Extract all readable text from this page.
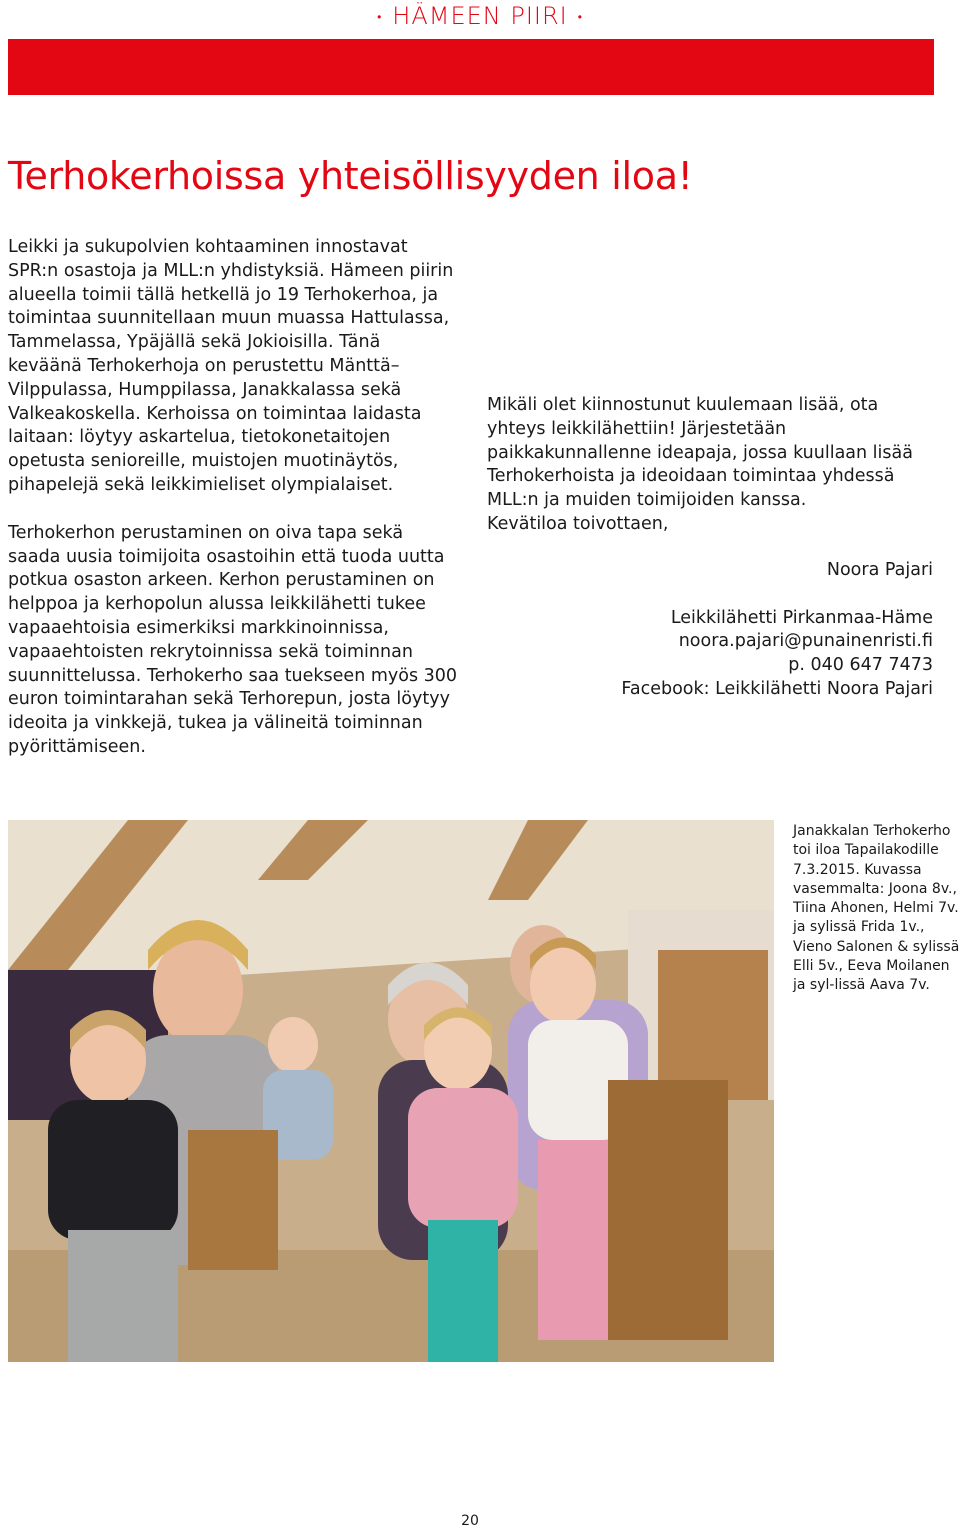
• HÄMEEN PIIRI •
Terhokerhoissa yhteisöllisyyden iloa!

Leikki ja sukupolvien kohtaaminen innostavat SPR:n osastoja ja MLL:n yhdistyksiä. Hämeen piirin alueella toimii tällä hetkellä jo 19 Terhokerhoa, ja toimintaa suunnitellaan muun muassa Hattulassa, Tammelassa, Ypäjällä sekä Jokioisilla. Tänä keväänä Terhokerhoja on perustettu Mänttä–Vilppulassa, Humppilassa, Janakkalassa sekä Valkeakoskella. Kerhoissa on toimintaa laidasta laitaan: löytyy askartelua, tietokonetaitojen opetusta senioreille, muistojen muotinäytös, pihapelejä sekä leikkimieliset olympialaiset.

Terhokerhon perustaminen on oiva tapa sekä saada uusia toimijoita osastoihin että tuoda uutta potkua osaston arkeen. Kerhon perustaminen on helppoa ja kerhopolun alussa leikkilähetti tukee vapaaehtoisia esimerkiksi markkinoinnissa, vapaaehtoisten rekrytoinnissa sekä toiminnan suunnittelussa. Terhokerho saa tuekseen myös 300 euron toimintarahan sekä Terhorepun, josta löytyy ideoita ja vinkkejä, tukea ja välineitä toiminnan pyörittämiseen.

Mikäli olet kiinnostunut kuulemaan lisää, ota yhteys leikkilähettiin! Järjestetään paikkakunnallenne ideapaja, jossa kuullaan lisää Terhokerhoista ja ideoidaan toimintaa yhdessä MLL:n ja muiden toimijoiden kanssa.

Kevätiloa toivottaen,

Noora Pajari
Leikkilähetti Pirkanmaa-Häme
noora.pajari@punainenristi.fi
p. 040 647 7473
Facebook: Leikkilähetti Noora Pajari
Janakkalan Terhokerho toi iloa Tapailakodille 7.3.2015. Kuvassa vasemmalta: Joona 8v., Tiina Ahonen, Helmi 7v. ja sylissä Frida 1v., Vieno Salonen & sylissä Elli 5v., Eeva Moilanen ja syl-lissä Aava 7v.
20
